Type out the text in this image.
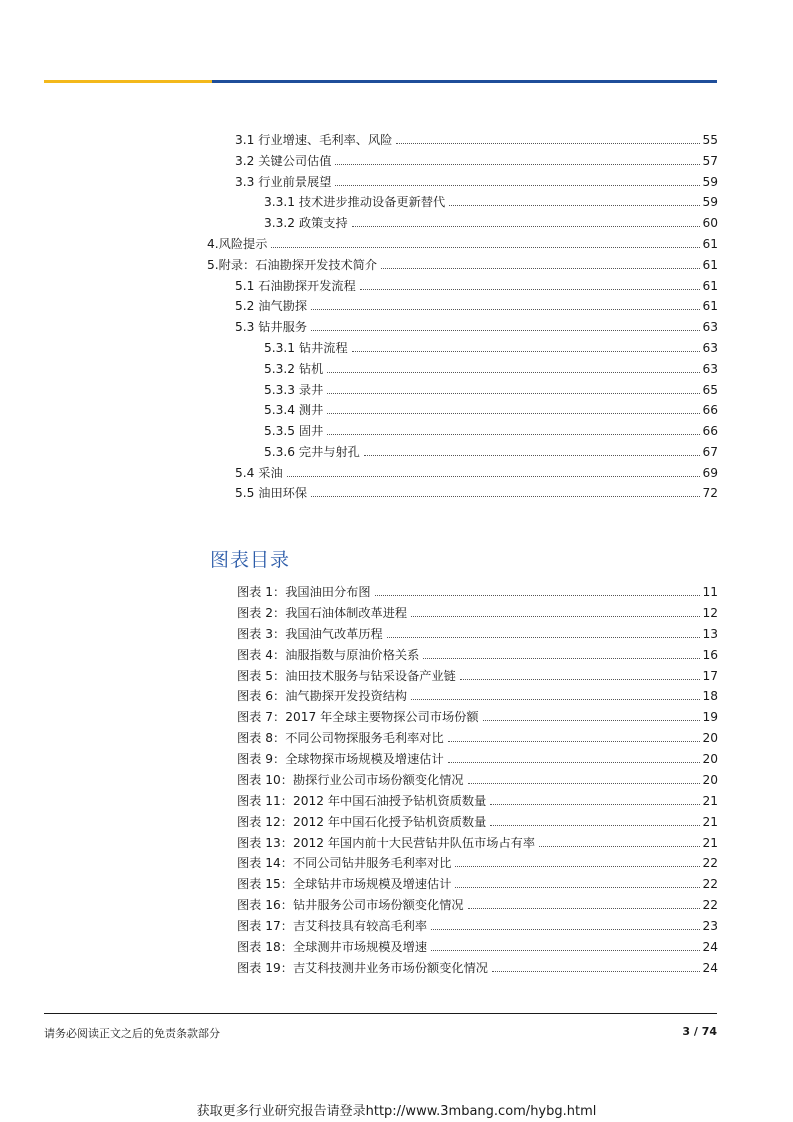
3.1 行业增速、毛利率、风险	55
3.2 关键公司估值	57
3.3 行业前景展望	59
3.3.1 技术进步推动设备更新替代	59
3.3.2 政策支持	60
4.风险提示	61
5.附录：石油勘探开发技术简介	61
5.1 石油勘探开发流程	61
5.2 油气勘探	61
5.3 钻井服务	63
5.3.1 钻井流程	63
5.3.2 钻机	63
5.3.3 录井	65
5.3.4 测井	66
5.3.5 固井	66
5.3.6 完井与射孔	67
5.4 采油	69
5.5 油田环保	72
图表目录
图表 1：我国油田分布图	11
图表 2：我国石油体制改革进程	12
图表 3：我国油气改革历程	13
图表 4：油服指数与原油价格关系	16
图表 5：油田技术服务与钻采设备产业链	17
图表 6：油气勘探开发投资结构	18
图表 7：2017 年全球主要物探公司市场份额	19
图表 8：不同公司物探服务毛利率对比	20
图表 9：全球物探市场规模及增速估计	20
图表 10：勘探行业公司市场份额变化情况	20
图表 11：2012 年中国石油授予钻机资质数量	21
图表 12：2012 年中国石化授予钻机资质数量	21
图表 13：2012 年国内前十大民营钻井队伍市场占有率	21
图表 14：不同公司钻井服务毛利率对比	22
图表 15：全球钻井市场规模及增速估计	22
图表 16：钻井服务公司市场份额变化情况	22
图表 17：吉艾科技具有较高毛利率	23
图表 18：全球测井市场规模及增速	24
图表 19：吉艾科技测井业务市场份额变化情况	24
请务必阅读正文之后的免责条款部分	3 / 74
获取更多行业研究报告请登录http://www.3mbang.com/hybg.html
